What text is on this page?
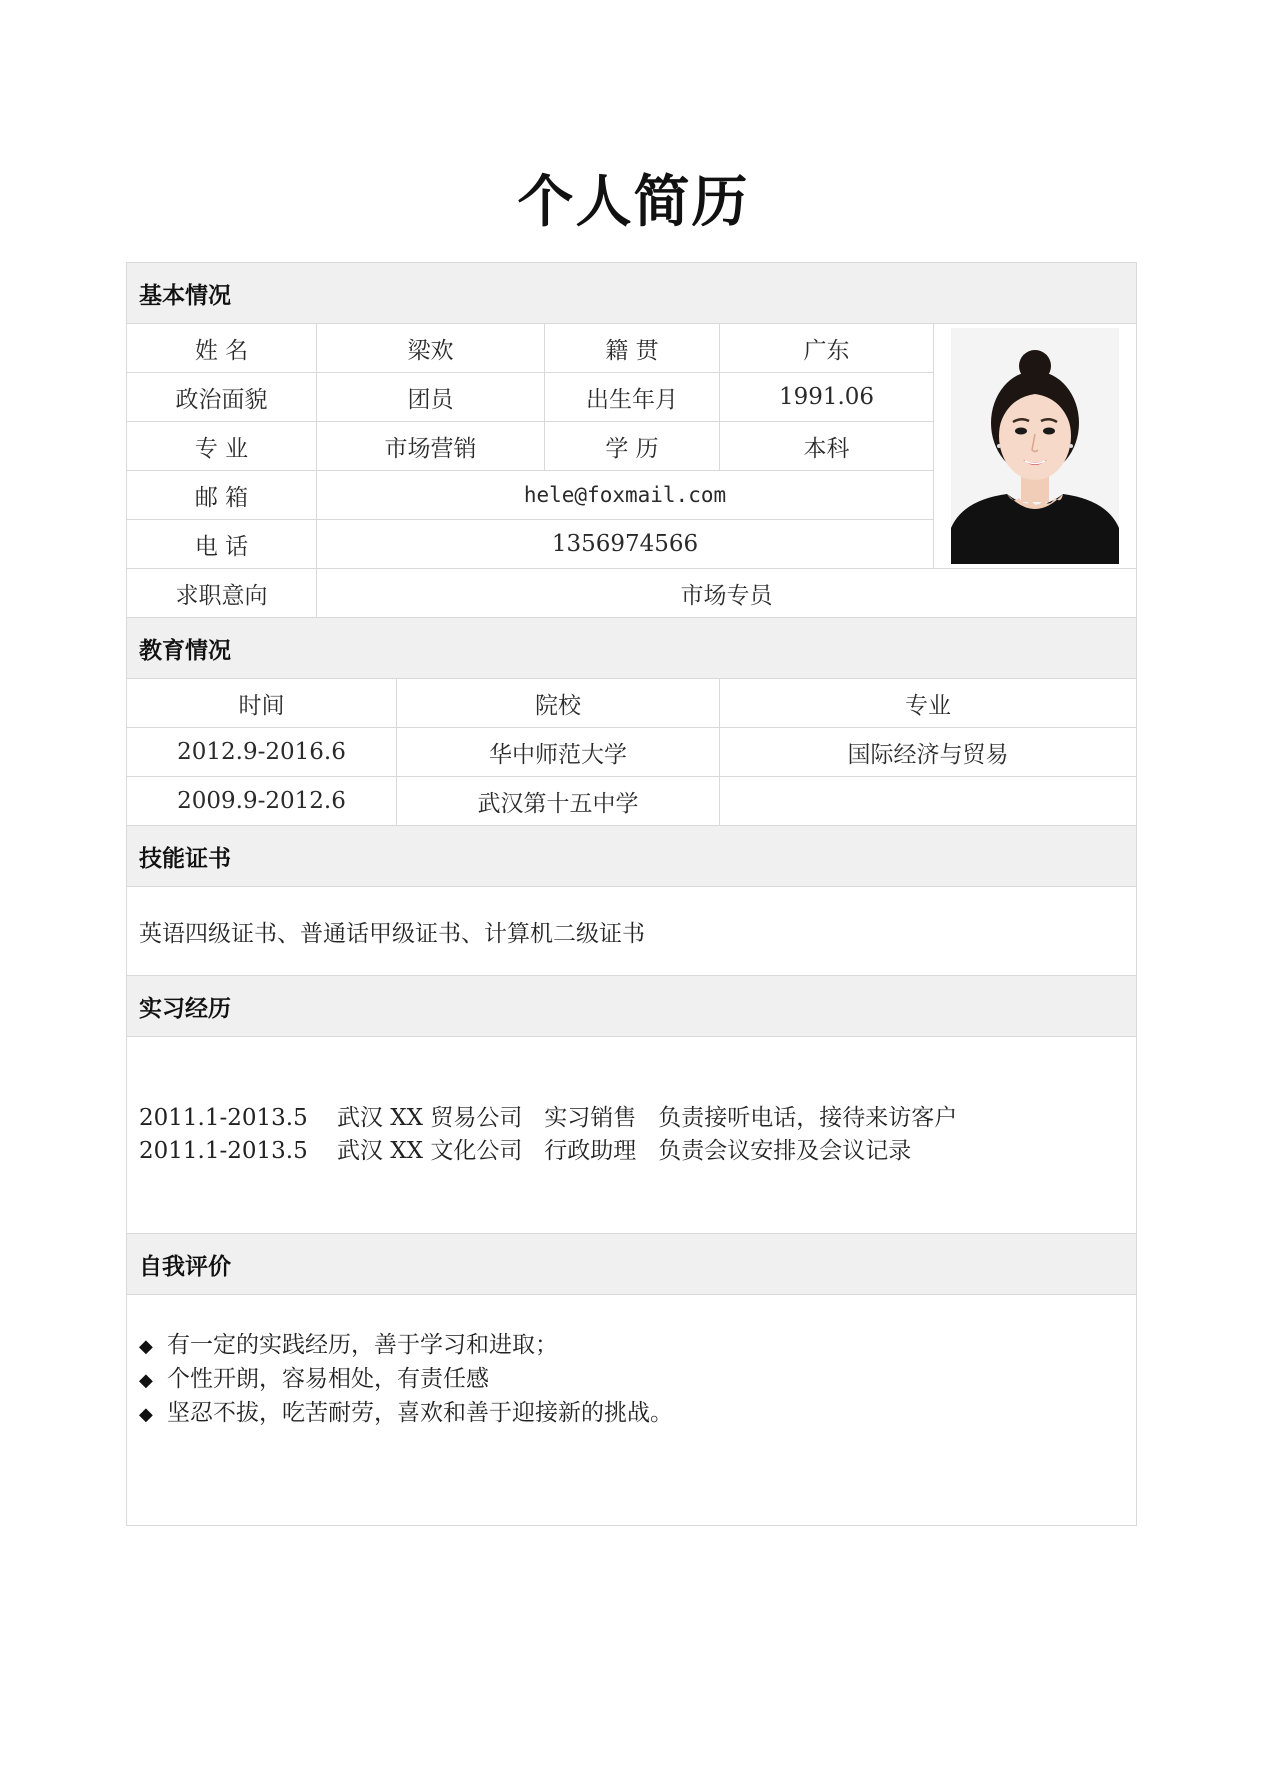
个人简历
基本情况					
姓 名	梁欢		籍 贯	广东	

政治面貌	团员		出生年月	1991.06	
专 业	市场营销		学 历	本科	
邮 箱	hele@foxmail.com				
电 话	1356974566				
求职意向	市场专员				
教育情况					
时间		院校		专业	
2012.9-2016.6		华中师范大学		国际经济与贸易	
2009.9-2012.6		武汉第十五中学			
技能证书					
英语四级证书、普通话甲级证书、计算机二级证书					
实习经历					

2011.1-2013.5    武汉 XX 贸易公司   实习销售   负责接听电话，接待来访客户
2011.1-2013.5    武汉 XX 文化公司   行政助理   负责会议安排及会议记录					

自我评价					

◆ 有一定的实践经历，善于学习和进取；
◆ 个性开朗，容易相处，有责任感
◆ 坚忍不拔，吃苦耐劳，喜欢和善于迎接新的挑战。					
